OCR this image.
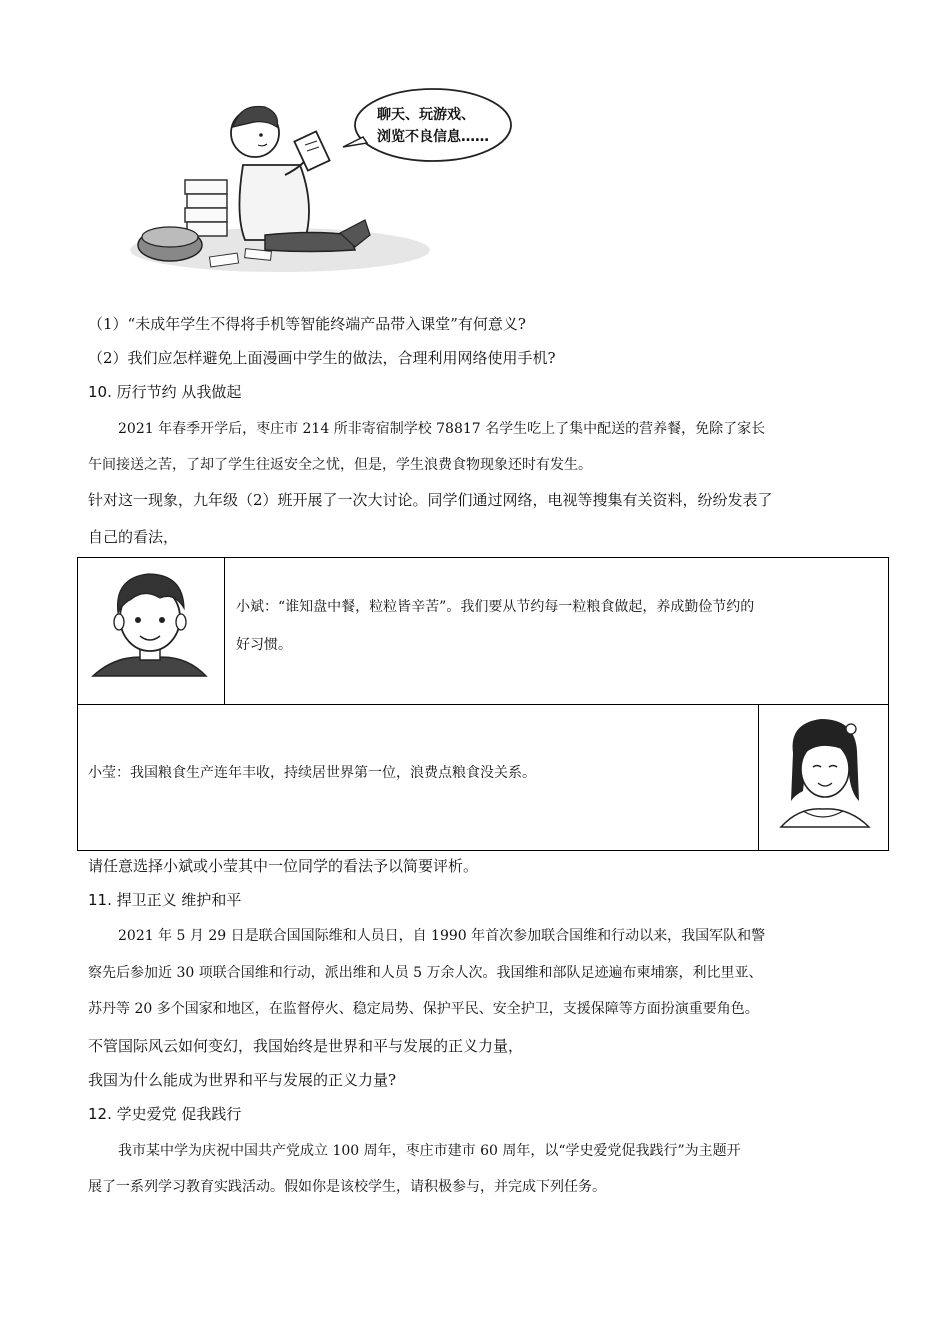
聊天、玩游戏、
浏览不良信息……
（1）“未成年学生不得将手机等智能终端产品带入课堂”有何意义?
（2）我们应怎样避免上面漫画中学生的做法，合理利用网络使用手机?
10. 厉行节约 从我做起
2021 年春季开学后，枣庄市 214 所非寄宿制学校 78817 名学生吃上了集中配送的营养餐，免除了家长
午间接送之苦，了却了学生往返安全之忧，但是，学生浪费食物现象还时有发生。
针对这一现象，九年级（2）班开展了一次大讨论。同学们通过网络，电视等搜集有关资料，纷纷发表了
自己的看法，
小斌：“谁知盘中餐，粒粒皆辛苦”。我们要从节约每一粒粮食做起，养成勤俭节约的
好习惯。
小莹：我国粮食生产连年丰收，持续居世界第一位，浪费点粮食没关系。
请任意选择小斌或小莹其中一位同学的看法予以简要评析。
11. 捍卫正义 维护和平
2021 年 5 月 29 日是联合国国际维和人员日，自 1990 年首次参加联合国维和行动以来，我国军队和警
察先后参加近 30 项联合国维和行动，派出维和人员 5 万余人次。我国维和部队足迹遍布柬埔寨，利比里亚、
苏丹等 20 多个国家和地区，在监督停火、稳定局势、保护平民、安全护卫，支援保障等方面扮演重要角色。
不管国际风云如何变幻，我国始终是世界和平与发展的正义力量，
我国为什么能成为世界和平与发展的正义力量?
12. 学史爱党 促我践行
我市某中学为庆祝中国共产党成立 100 周年，枣庄市建市 60 周年，以“学史爱党促我践行”为主题开
展了一系列学习教育实践活动。假如你是该校学生，请积极参与，并完成下列任务。
